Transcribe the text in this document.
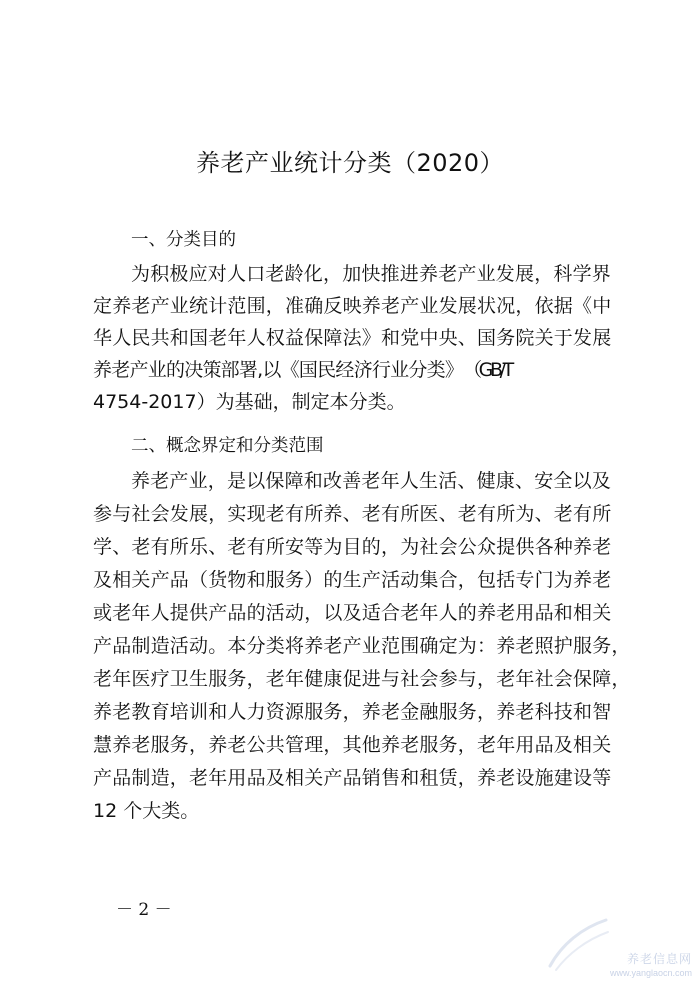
养老产业统计分类（2020）
一、分类目的
为积极应对人口老龄化，加快推进养老产业发展，科学界
定养老产业统计范围，准确反映养老产业发展状况，依据《中
华人民共和国老年人权益保障法》和党中央、国务院关于发展
养 老 产 业 的 决 策 部 署 , 以 《 国 民 经 济 行 业 分 类 》 （GB/T
4754-2017）为基础，制定本分类。
二、概念界定和分类范围
养老产业，是以保障和改善老年人生活、健康、安全以及
参与社会发展，实现老有所养、老有所医、老有所为、老有所
学、老有所乐、老有所安等为目的，为社会公众提供各种养老
及相关产品（货物和服务）的生产活动集合，包括专门为养老
或老年人提供产品的活动，以及适合老年人的养老用品和相关
产品制造活动。本分类将养老产业范围确定为：养老照护服务，
老年医疗卫生服务，老年健康促进与社会参与，老年社会保障，
养老教育培训和人力资源服务，养老金融服务，养老科技和智
慧养老服务，养老公共管理，其他养老服务，老年用品及相关
产品制造，老年用品及相关产品销售和租赁，养老设施建设等
12 个大类。
－ 2 －
养老信息网
www.yanglaocn.com
